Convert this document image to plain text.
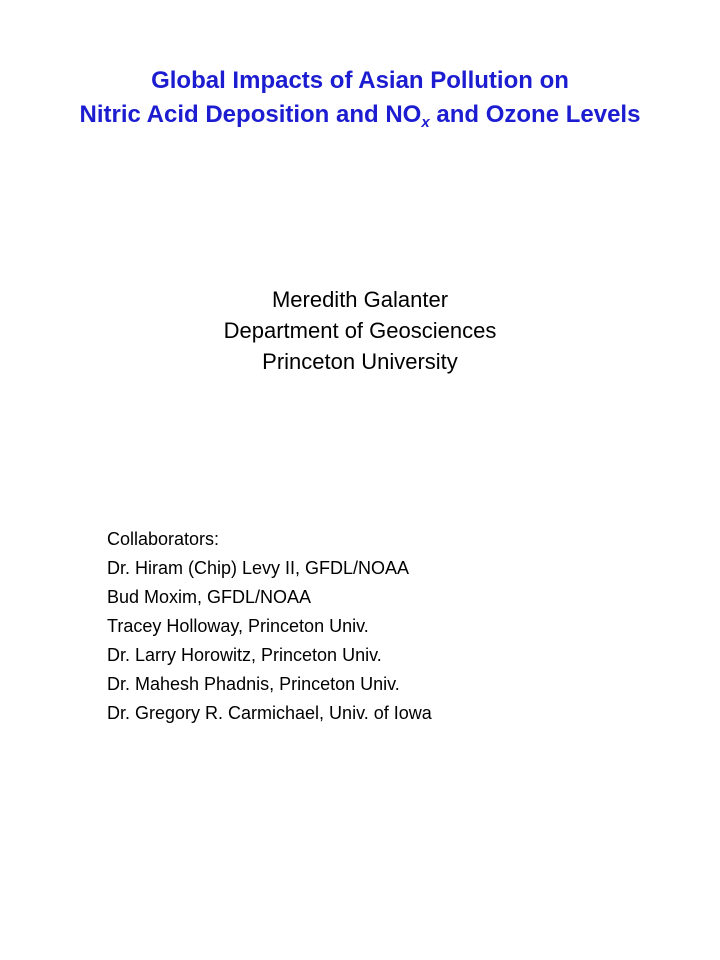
Global Impacts of Asian Pollution on
Nitric Acid Deposition and $NO_x$ and Ozone Levels
Meredith Galanter
Department of Geosciences
Princeton University
Collaborators:
Dr. Hiram (Chip) Levy II, GFDL/NOAA
Bud Moxim, GFDL/NOAA
Tracey Holloway, Princeton Univ.
Dr. Larry Horowitz, Princeton Univ.
Dr. Mahesh Phadnis, Princeton Univ.
Dr. Gregory R. Carmichael, Univ. of Iowa
